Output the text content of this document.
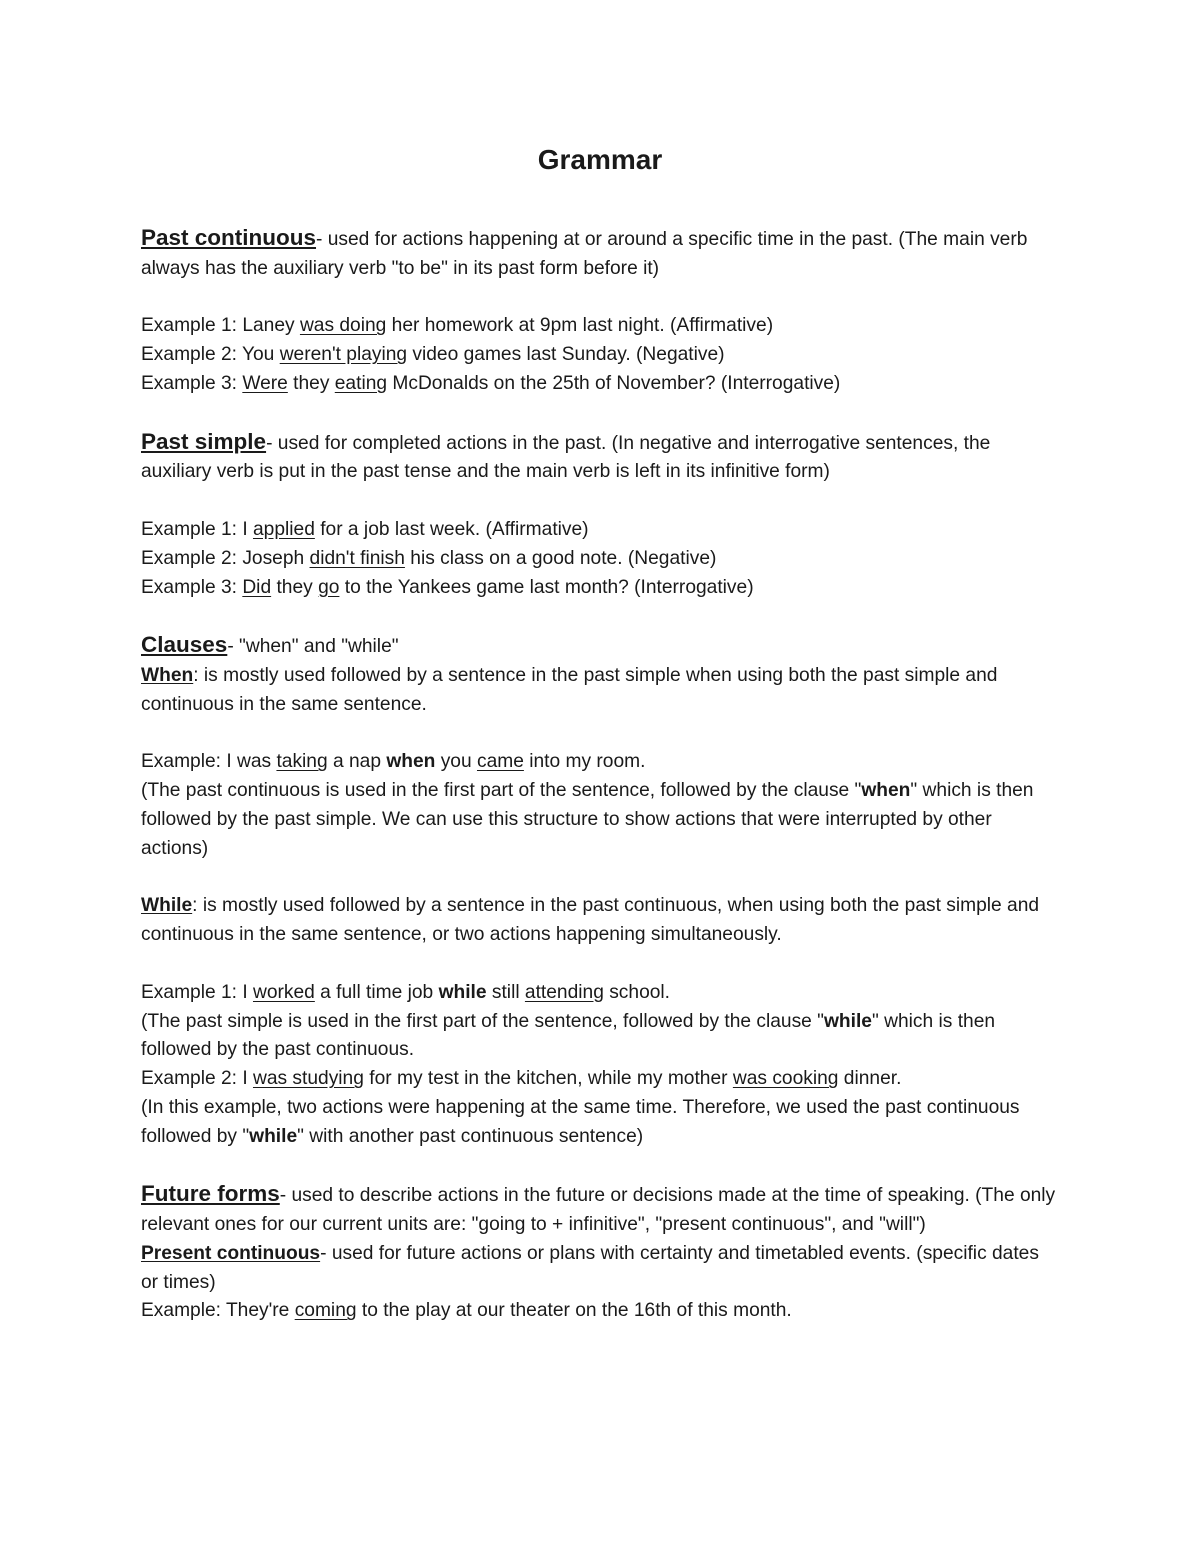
Grammar

Past continuous- used for actions happening at or around a specific time in the past. (The main verb always has the auxiliary verb "to be" in its past form before it)

Example 1: Laney was doing her homework at 9pm last night. (Affirmative)

Example 2: You weren't playing video games last Sunday. (Negative)

Example 3: Were they eating McDonalds on the 25th of November? (Interrogative)

Past simple- used for completed actions in the past. (In negative and interrogative sentences, the auxiliary verb is put in the past tense and the main verb is left in its infinitive form)

Example 1: I applied for a job last week. (Affirmative)

Example 2: Joseph didn't finish his class on a good note. (Negative)

Example 3: Did they go to the Yankees game last month? (Interrogative)

Clauses- "when" and "while"

When: is mostly used followed by a sentence in the past simple when using both the past simple and continuous in the same sentence.

Example: I was taking a nap when you came into my room.

(The past continuous is used in the first part of the sentence, followed by the clause "when" which is then followed by the past simple. We can use this structure to show actions that were interrupted by other actions)

While: is mostly used followed by a sentence in the past continuous, when using both the past simple and continuous in the same sentence, or two actions happening simultaneously.

Example 1: I worked a full time job while still attending school.

(The past simple is used in the first part of the sentence, followed by the clause "while" which is then followed by the past continuous.

Example 2: I was studying for my test in the kitchen, while my mother was cooking dinner.

(In this example, two actions were happening at the same time. Therefore, we used the past continuous followed by "while" with another past continuous sentence)

Future forms- used to describe actions in the future or decisions made at the time of speaking. (The only relevant ones for our current units are: "going to + infinitive", "present continuous", and "will")

Present continuous- used for future actions or plans with certainty and timetabled events. (specific dates or times)

Example: They're coming to the play at our theater on the 16th of this month.
